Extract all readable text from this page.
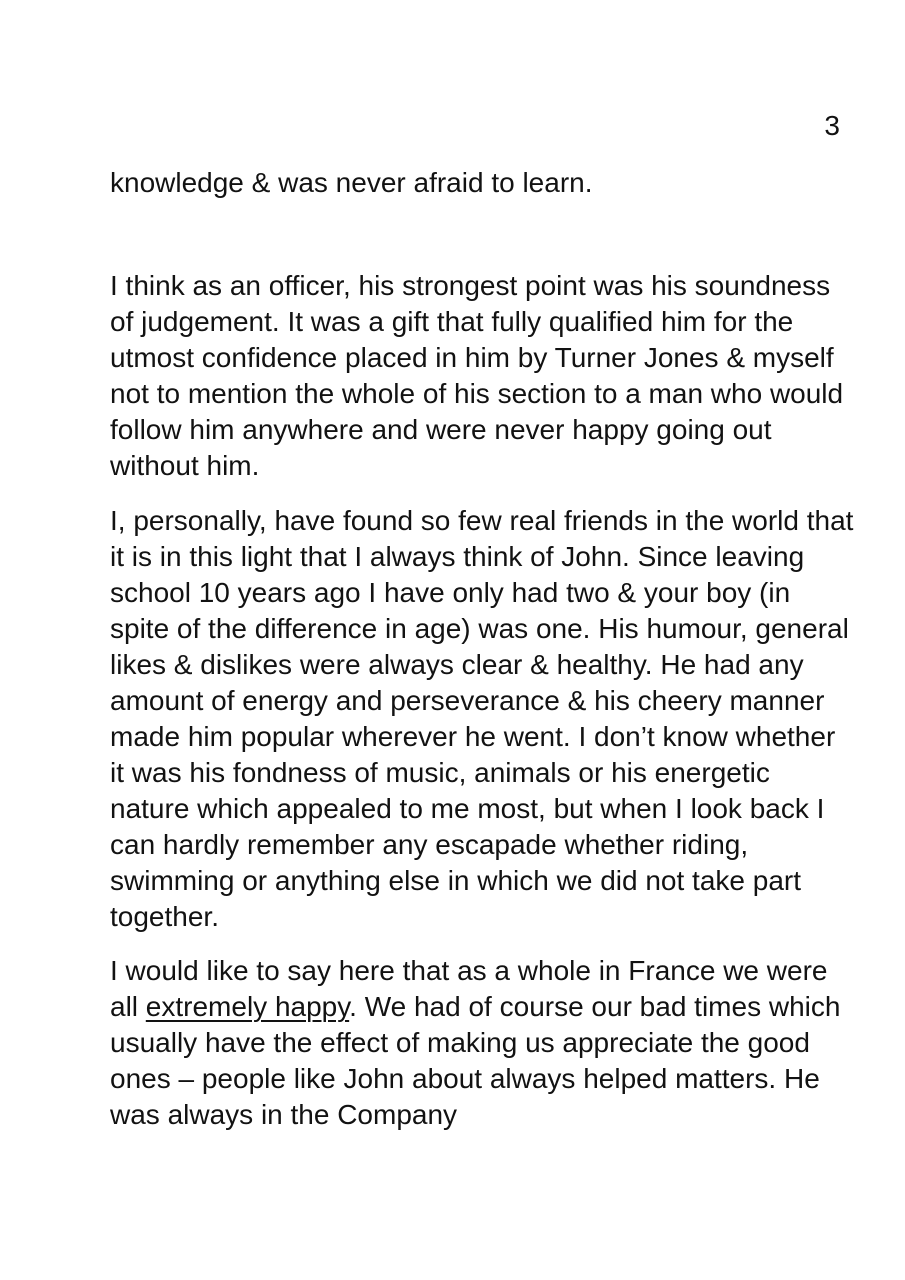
3

knowledge & was never afraid to learn.

I think as an officer, his strongest point was his soundness
of judgement. It was a gift that fully qualified him for the
utmost confidence placed in him by Turner Jones & myself
not to mention the whole of his section to a man who would
follow him anywhere and were never happy going out
without him.

I, personally, have found so few real friends in the world that
it is in this light that I always think of John. Since leaving
school 10 years ago I have only had two & your boy (in
spite of the difference in age) was one. His humour, general
likes & dislikes were always clear & healthy. He had any
amount of energy and perseverance & his cheery manner
made him popular wherever he went. I don’t know whether
it was his fondness of music, animals or his energetic
nature which appealed to me most, but when I look back I
can hardly remember any escapade whether riding,
swimming or anything else in which we did not take part
together.

I would like to say here that as a whole in France we were
all extremely happy. We had of course our bad times which
usually have the effect of making us appreciate the good
ones – people like John about always helped matters. He
was always in the Company
